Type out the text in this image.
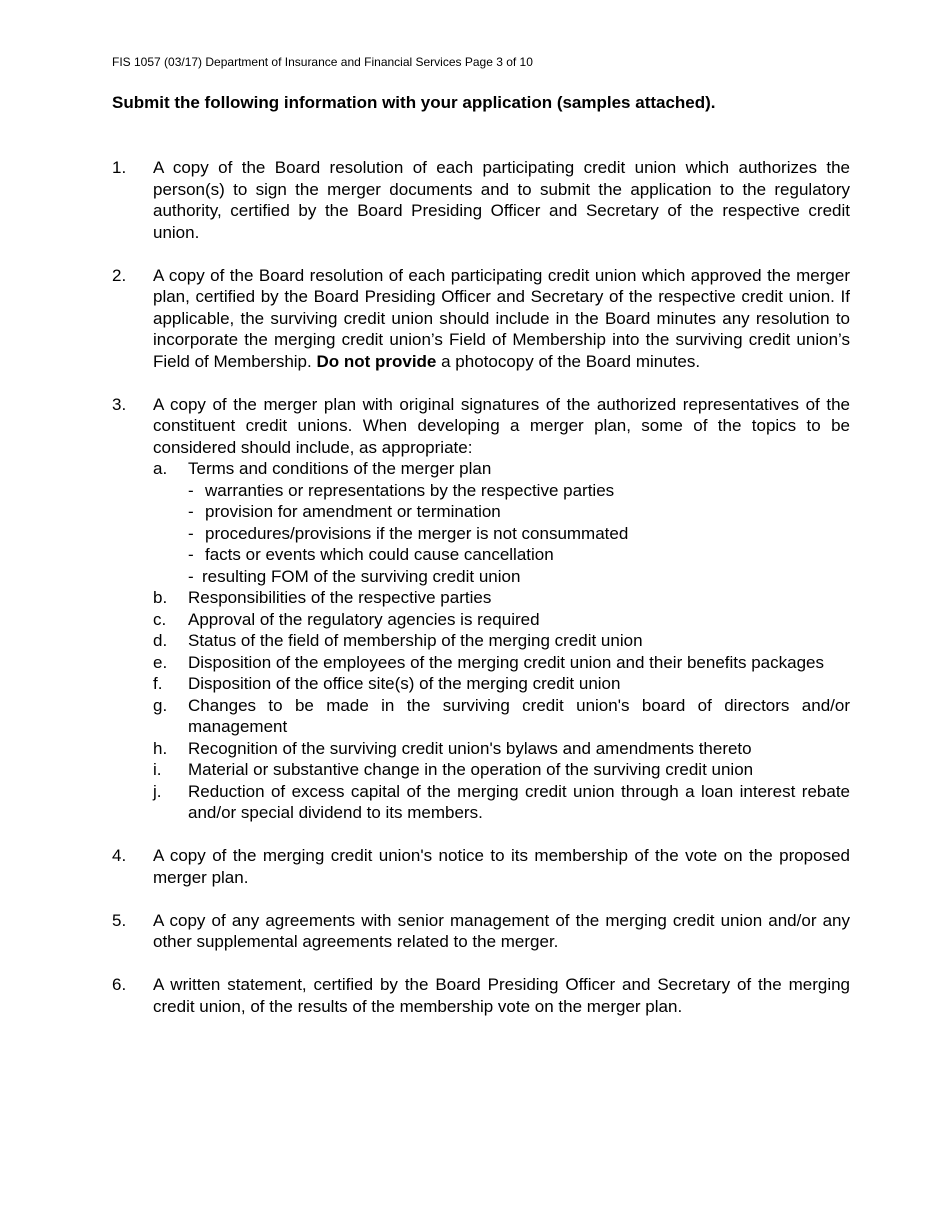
FIS 1057 (03/17) Department of Insurance and Financial Services Page 3 of 10
Submit the following information with your application (samples attached).
1. A copy of the Board resolution of each participating credit union which authorizes the person(s) to sign the merger documents and to submit the application to the regulatory authority, certified by the Board Presiding Officer and Secretary of the respective credit union.
2. A copy of the Board resolution of each participating credit union which approved the merger plan, certified by the Board Presiding Officer and Secretary of the respective credit union. If applicable, the surviving credit union should include in the Board minutes any resolution to incorporate the merging credit union’s Field of Membership into the surviving credit union’s Field of Membership. Do not provide a photocopy of the Board minutes.
3. A copy of the merger plan with original signatures of the authorized representatives of the constituent credit unions. When developing a merger plan, some of the topics to be considered should include, as appropriate:
a. Terms and conditions of the merger plan
- warranties or representations by the respective parties
- provision for amendment or termination
- procedures/provisions if the merger is not consummated
- facts or events which could cause cancellation
- resulting FOM of the surviving credit union
b. Responsibilities of the respective parties
c. Approval of the regulatory agencies is required
d. Status of the field of membership of the merging credit union
e. Disposition of the employees of the merging credit union and their benefits packages
f. Disposition of the office site(s) of the merging credit union
g. Changes to be made in the surviving credit union's board of directors and/or management
h. Recognition of the surviving credit union's bylaws and amendments thereto
i. Material or substantive change in the operation of the surviving credit union
j. Reduction of excess capital of the merging credit union through a loan interest rebate and/or special dividend to its members.
4. A copy of the merging credit union's notice to its membership of the vote on the proposed merger plan.
5. A copy of any agreements with senior management of the merging credit union and/or any other supplemental agreements related to the merger.
6. A written statement, certified by the Board Presiding Officer and Secretary of the merging credit union, of the results of the membership vote on the merger plan.
